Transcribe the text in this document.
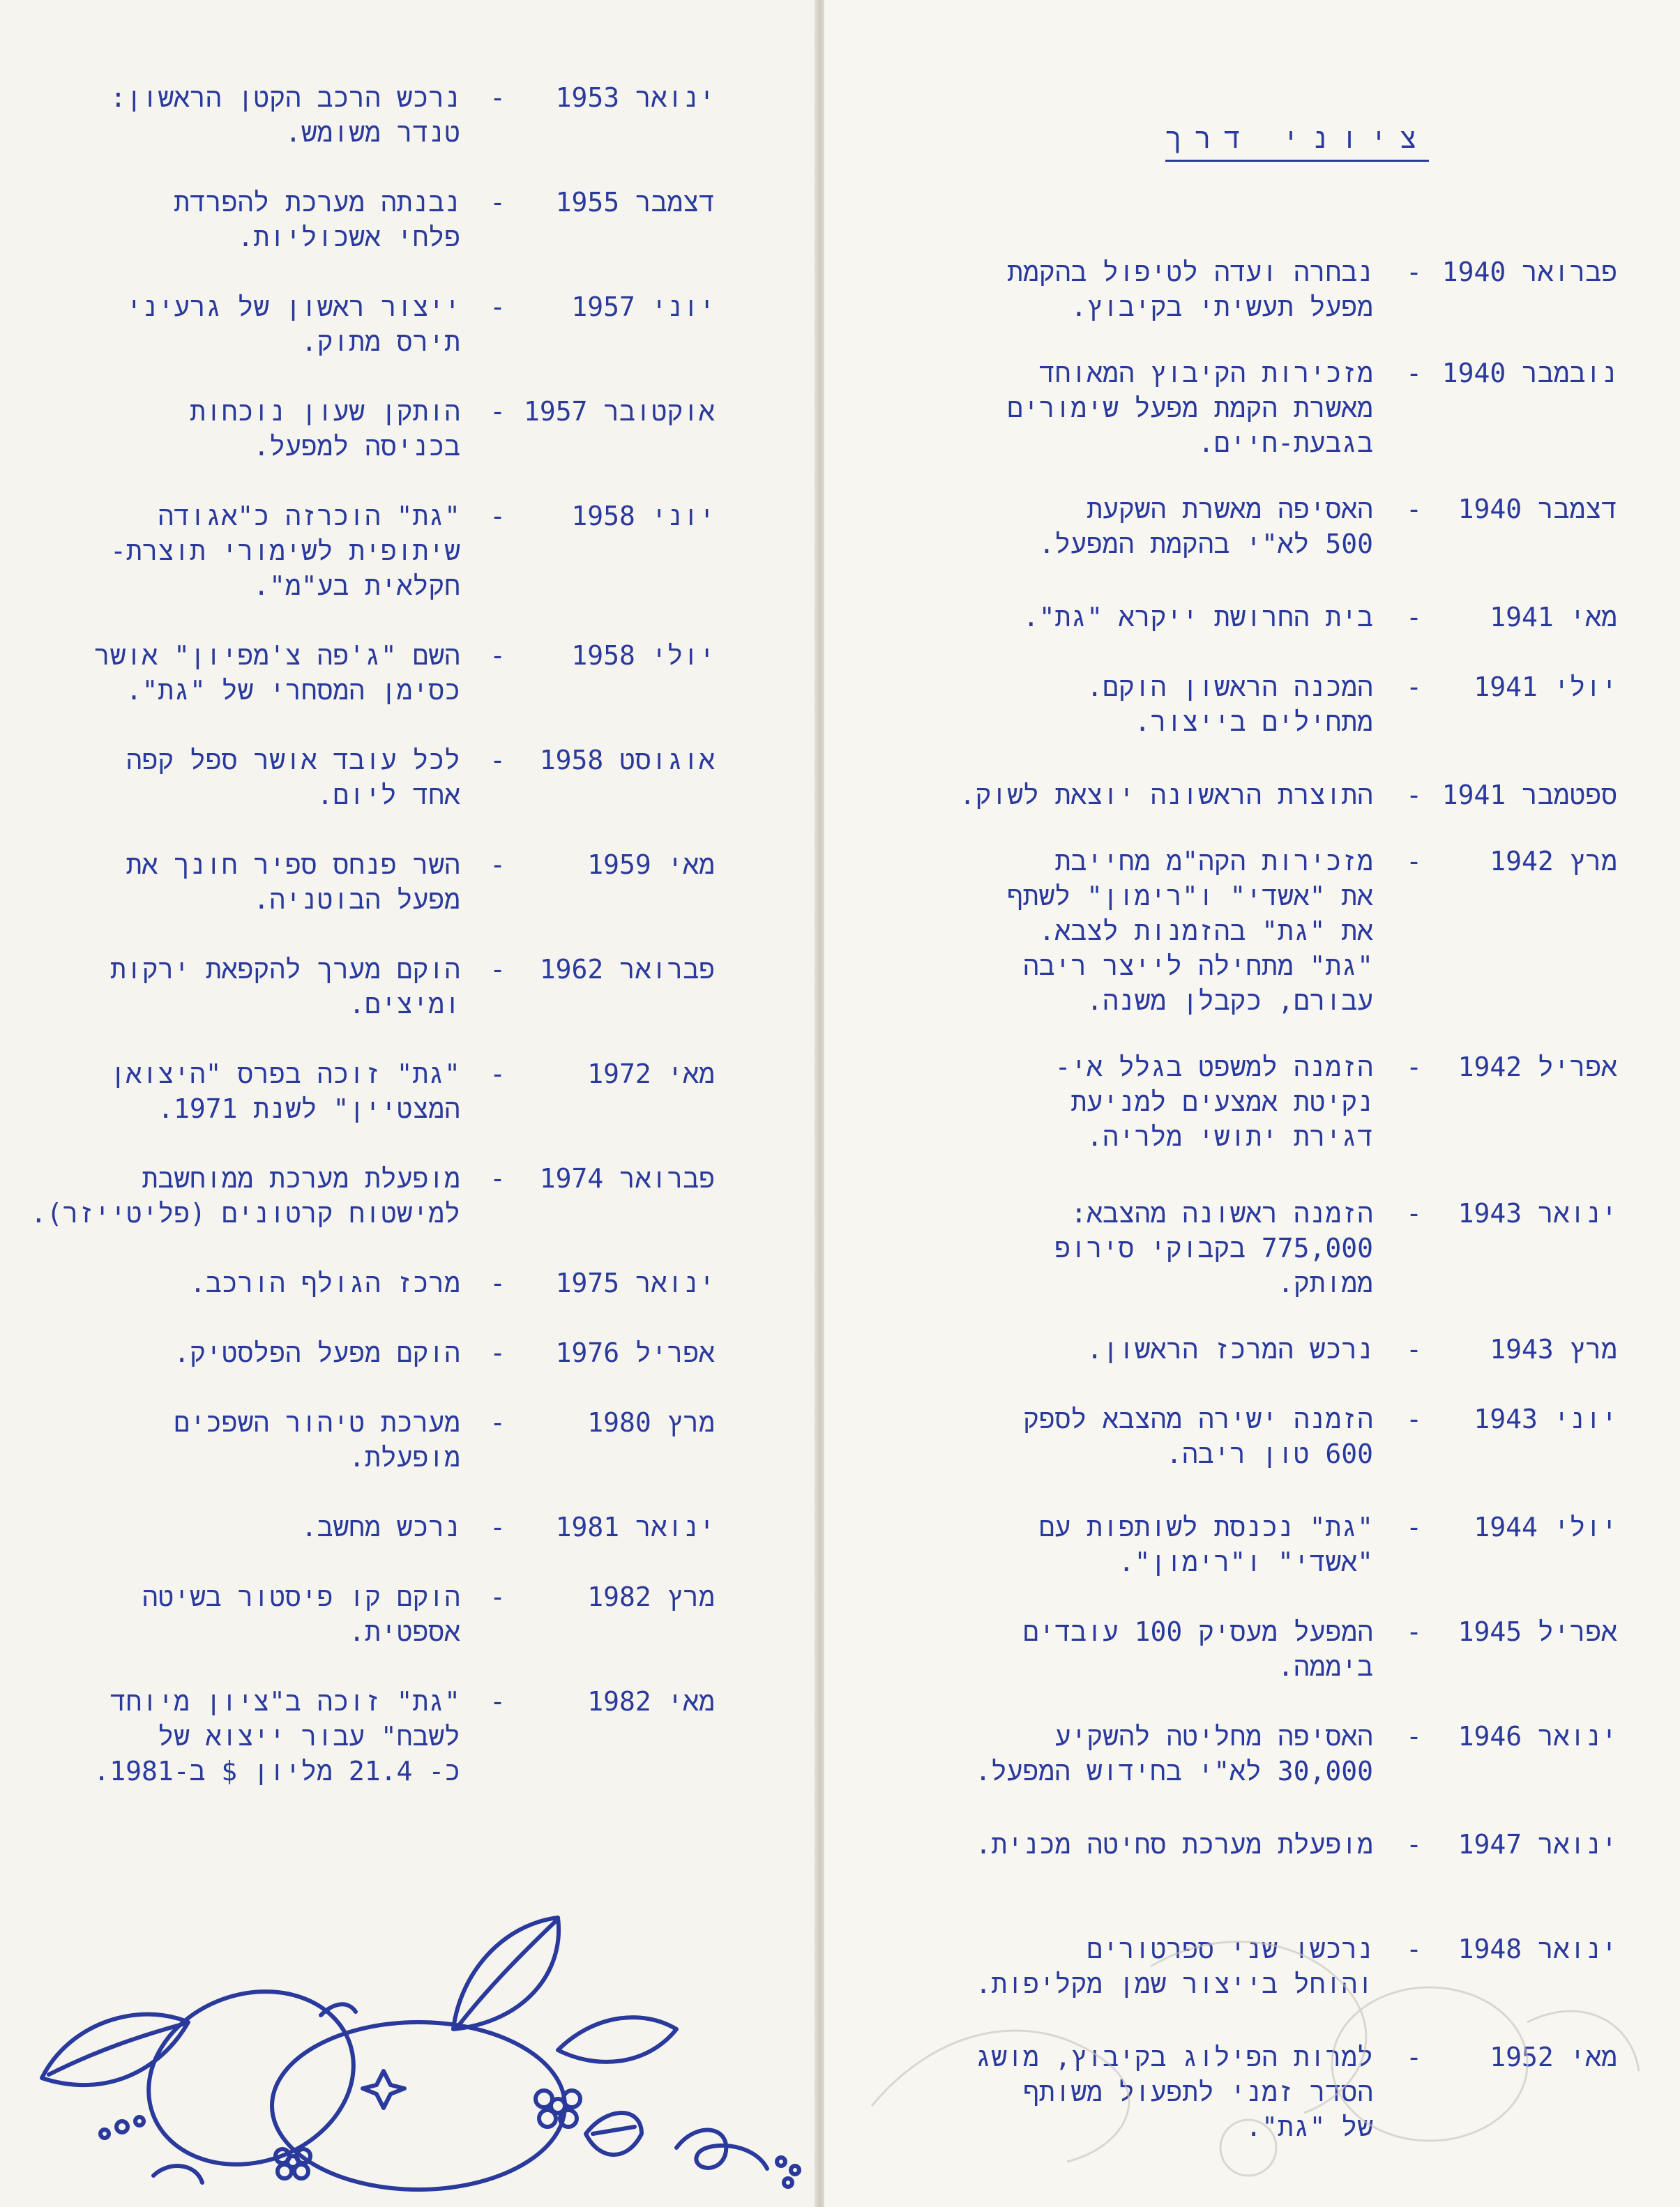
ינואר 1953
-
נרכש הרכב הקטן הראשון:
טנדר משומש.
דצמבר 1955
-
נבנתה מערכת להפרדת
פלחי אשכוליות.
יוני 1957
-
ייצור ראשון של גרעיני
תירס מתוק.
אוקטובר 1957
-
הותקן שעון נוכחות
בכניסה למפעל.
יוני 1958
-
"גת" הוכרזה כ"אגודה
שיתופית לשימורי תוצרת-
חקלאית בע"מ".
יולי 1958
-
השם "ג'פה צ'מפיון" אושר
כסימן המסחרי של "גת".
אוגוסט 1958
-
לכל עובד אושר ספל קפה
אחד ליום.
מאי 1959
-
השר פנחס ספיר חונך את
מפעל הבוטניה.
פברואר 1962
-
הוקם מערך להקפאת ירקות
ומיצים.
מאי 1972
-
"גת" זוכה בפרס "היצואן
המצטיין" לשנת 1971.
פברואר 1974
-
מופעלת מערכת ממוחשבת
למישטוח קרטונים (פליטייזר).
ינואר 1975
-
מרכז הגולף הורכב.
אפריל 1976
-
הוקם מפעל הפלסטיק.
מרץ 1980
-
מערכת טיהור השפכים
מופעלת.
ינואר 1981
-
נרכש מחשב.
מרץ 1982
-
הוקם קו פיסטור בשיטה
אספטית.
מאי 1982
-
"גת" זוכה ב"ציון מיוחד
לשבח" עבור ייצוא של
כ- 21.4 מליון $ ב-1981.
ציוני דרך
פברואר 1940
-
נבחרה ועדה לטיפול בהקמת
מפעל תעשיתי בקיבוץ.
נובמבר 1940
-
מזכירות הקיבוץ המאוחד
מאשרת הקמת מפעל שימורים
בגבעת-חיים.
דצמבר 1940
-
האסיפה מאשרת השקעת
500 לא"י בהקמת המפעל.
מאי 1941
-
בית החרושת ייקרא "גת".
יולי 1941
-
המכנה הראשון הוקם.
מתחילים בייצור.
ספטמבר 1941
-
התוצרת הראשונה יוצאת לשוק.
מרץ 1942
-
מזכירות הקה"מ מחייבת
את "אשדי" ו"רימון" לשתף
את "גת" בהזמנות לצבא.
"גת" מתחילה לייצר ריבה
עבורם, כקבלן משנה.
אפריל 1942
-
הזמנה למשפט בגלל אי-
נקיטת אמצעים למניעת
דגירת יתושי מלריה.
ינואר 1943
-
הזמנה ראשונה מהצבא:
775,000 בקבוקי סירופ
ממותק.
מרץ 1943
-
נרכש המרכז הראשון.
יוני 1943
-
הזמנה ישירה מהצבא לספק
600 טון ריבה.
יולי 1944
-
"גת" נכנסת לשותפות עם
"אשדי" ו"רימון".
אפריל 1945
-
המפעל מעסיק 100 עובדים
ביממה.
ינואר 1946
-
האסיפה מחליטה להשקיע
30,000 לא"י בחידוש המפעל.
ינואר 1947
-
מופעלת מערכת סחיטה מכנית.
ינואר 1948
-
נרכשו שני ספרטורים
והוחל בייצור שמן מקליפות.
מאי 1952
-
למרות הפילוג בקיבוץ, מושג
הסדר זמני לתפעול משותף
של "גת".
